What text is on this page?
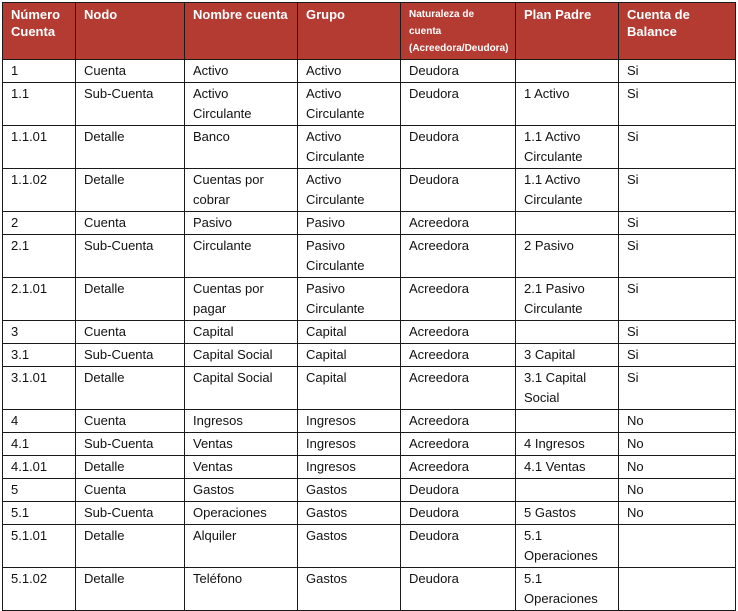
Número Cuenta	Nodo	Nombre cuenta	Grupo	Naturaleza de cuenta (Acreedora/Deudora)	Plan Padre	Cuenta de Balance
1	Cuenta	Activo	Activo	Deudora		Si
1.1	Sub-Cuenta	Activo Circulante	Activo Circulante	Deudora	1 Activo	Si
1.1.01	Detalle	Banco	Activo Circulante	Deudora	1.1 Activo Circulante	Si
1.1.02	Detalle	Cuentas por cobrar	Activo Circulante	Deudora	1.1 Activo Circulante	Si
2	Cuenta	Pasivo	Pasivo	Acreedora		Si
2.1	Sub-Cuenta	Circulante	Pasivo Circulante	Acreedora	2 Pasivo	Si
2.1.01	Detalle	Cuentas por pagar	Pasivo Circulante	Acreedora	2.1 Pasivo Circulante	Si
3	Cuenta	Capital	Capital	Acreedora		Si
3.1	Sub-Cuenta	Capital Social	Capital	Acreedora	3 Capital	Si
3.1.01	Detalle	Capital Social	Capital	Acreedora	3.1 Capital Social	Si
4	Cuenta	Ingresos	Ingresos	Acreedora		No
4.1	Sub-Cuenta	Ventas	Ingresos	Acreedora	4 Ingresos	No
4.1.01	Detalle	Ventas	Ingresos	Acreedora	4.1 Ventas	No
5	Cuenta	Gastos	Gastos	Deudora		No
5.1	Sub-Cuenta	Operaciones	Gastos	Deudora	5 Gastos	No
5.1.01	Detalle	Alquiler	Gastos	Deudora	5.1 Operaciones	
5.1.02	Detalle	Teléfono	Gastos	Deudora	5.1 Operaciones	
